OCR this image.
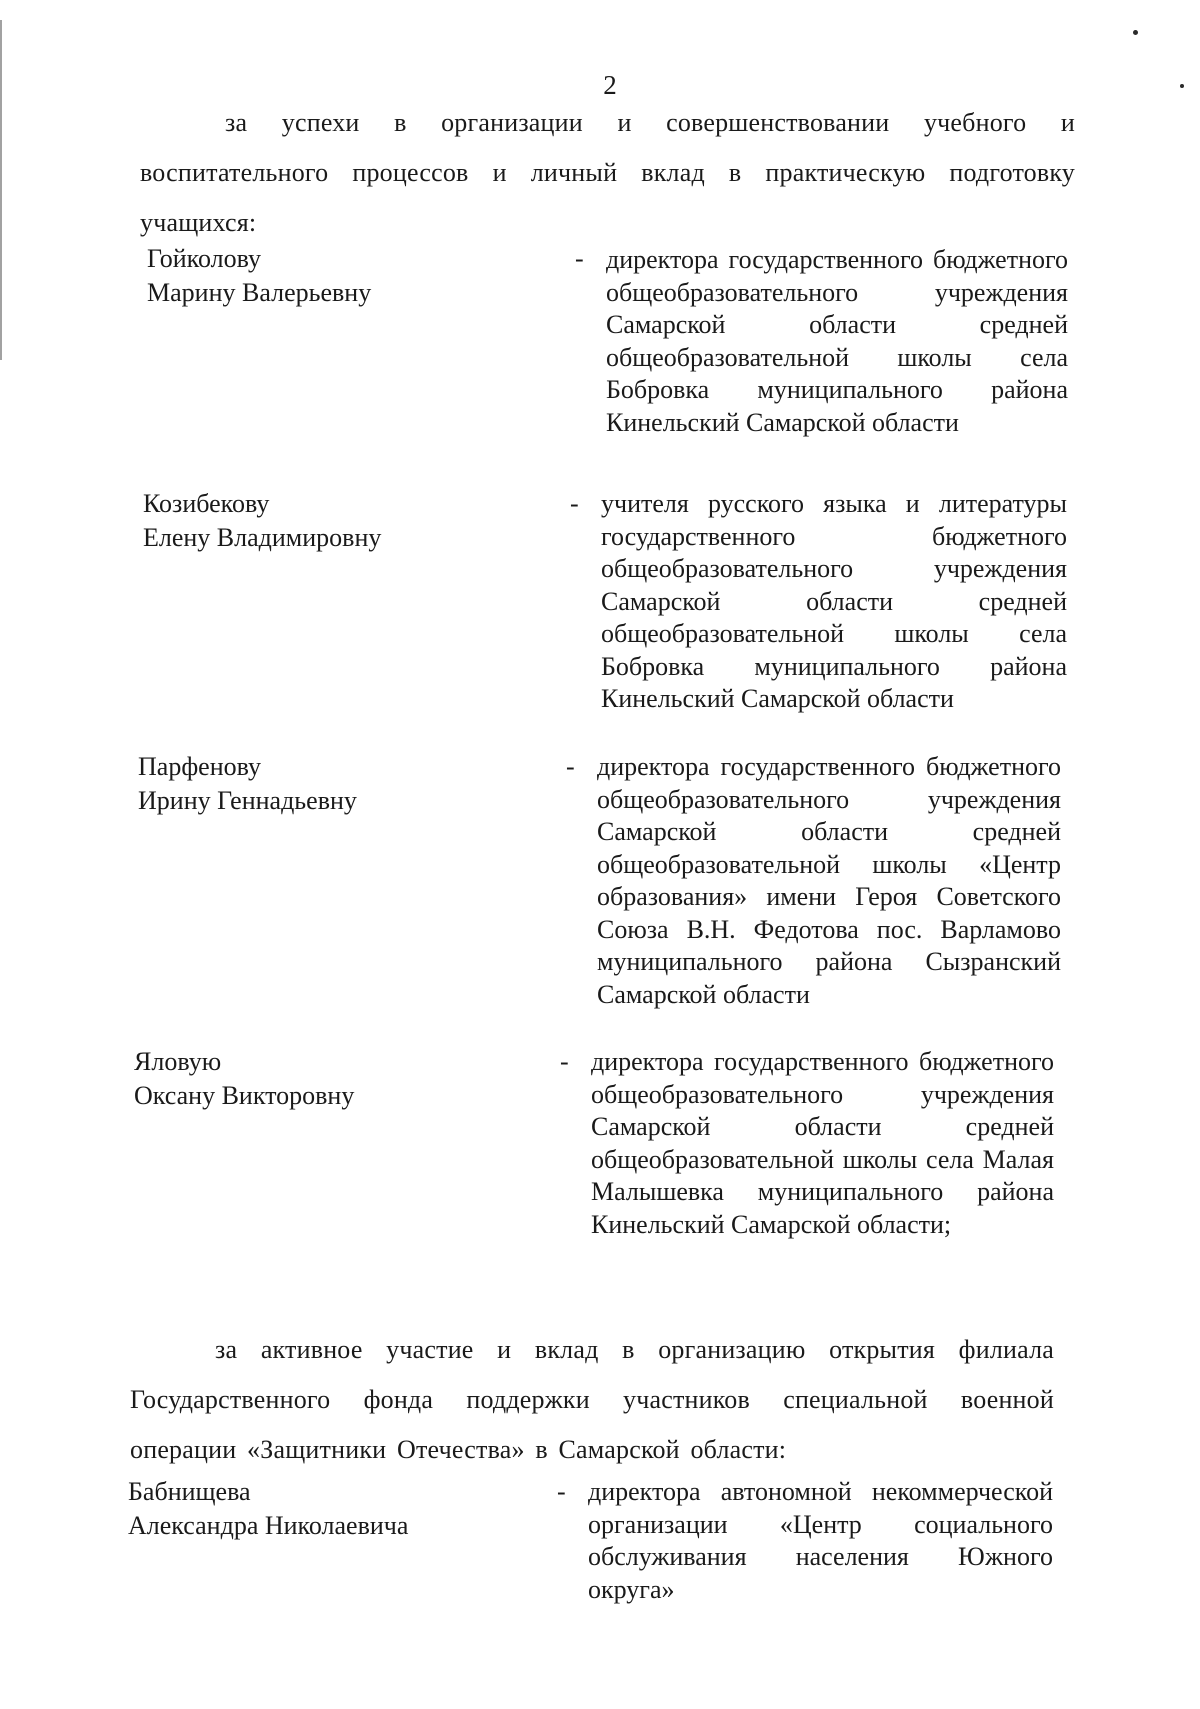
2
за успехи в организации и совершенствовании учебного и воспитательного процессов и личный вклад в практическую подготовку учащихся:
Гойколову
Марину Валерьевну
- директора государственного бюджетного общеобразовательного учреждения Самарской области средней общеобразовательной школы села Бобровка муниципального района Кинельский Самарской области
Козибекову
Елену Владимировну
- учителя русского языка и литературы государственного бюджетного общеобразовательного учреждения Самарской области средней общеобразовательной школы села Бобровка муниципального района Кинельский Самарской области
Парфенову
Ирину Геннадьевну
- директора государственного бюджетного общеобразовательного учреждения Самарской области средней общеобразовательной школы «Центр образования» имени Героя Советского Союза В.Н. Федотова пос. Варламово муниципального района Сызранский Самарской области
Яловую
Оксану Викторовну
- директора государственного бюджетного общеобразовательного учреждения Самарской области средней общеобразовательной школы села Малая Малышевка муниципального района Кинельский Самарской области;
за активное участие и вклад в организацию открытия филиала Государственного фонда поддержки участников специальной военной операции «Защитники Отечества» в Самарской области:
Бабнищева
Александра Николаевича
- директора автономной некоммерческой организации «Центр социального обслуживания населения Южного округа»
